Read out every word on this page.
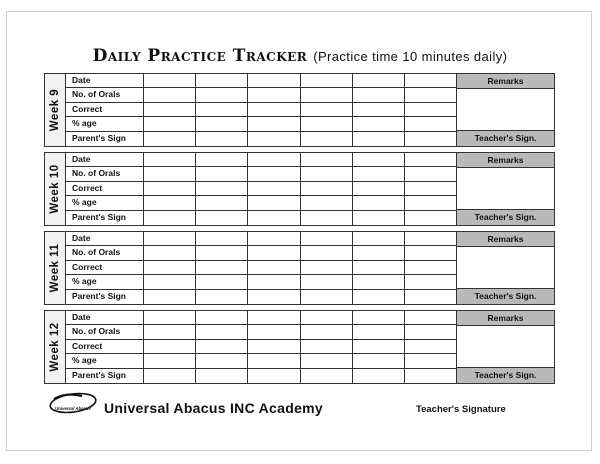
Daily Practice Tracker (Practice time 10 minutes daily)
Week 9
Date
No. of Orals
Correct
% age
Parent's Sign
Remarks
Teacher's Sign.
Week 10
Date
No. of Orals
Correct
% age
Parent's Sign
Remarks
Teacher's Sign.
Week 11
Date
No. of Orals
Correct
% age
Parent's Sign
Remarks
Teacher's Sign.
Week 12
Date
No. of Orals
Correct
% age
Parent's Sign
Remarks
Teacher's Sign.
Universal Abacus Universal Abacus INC Academy	Teacher's Signature
